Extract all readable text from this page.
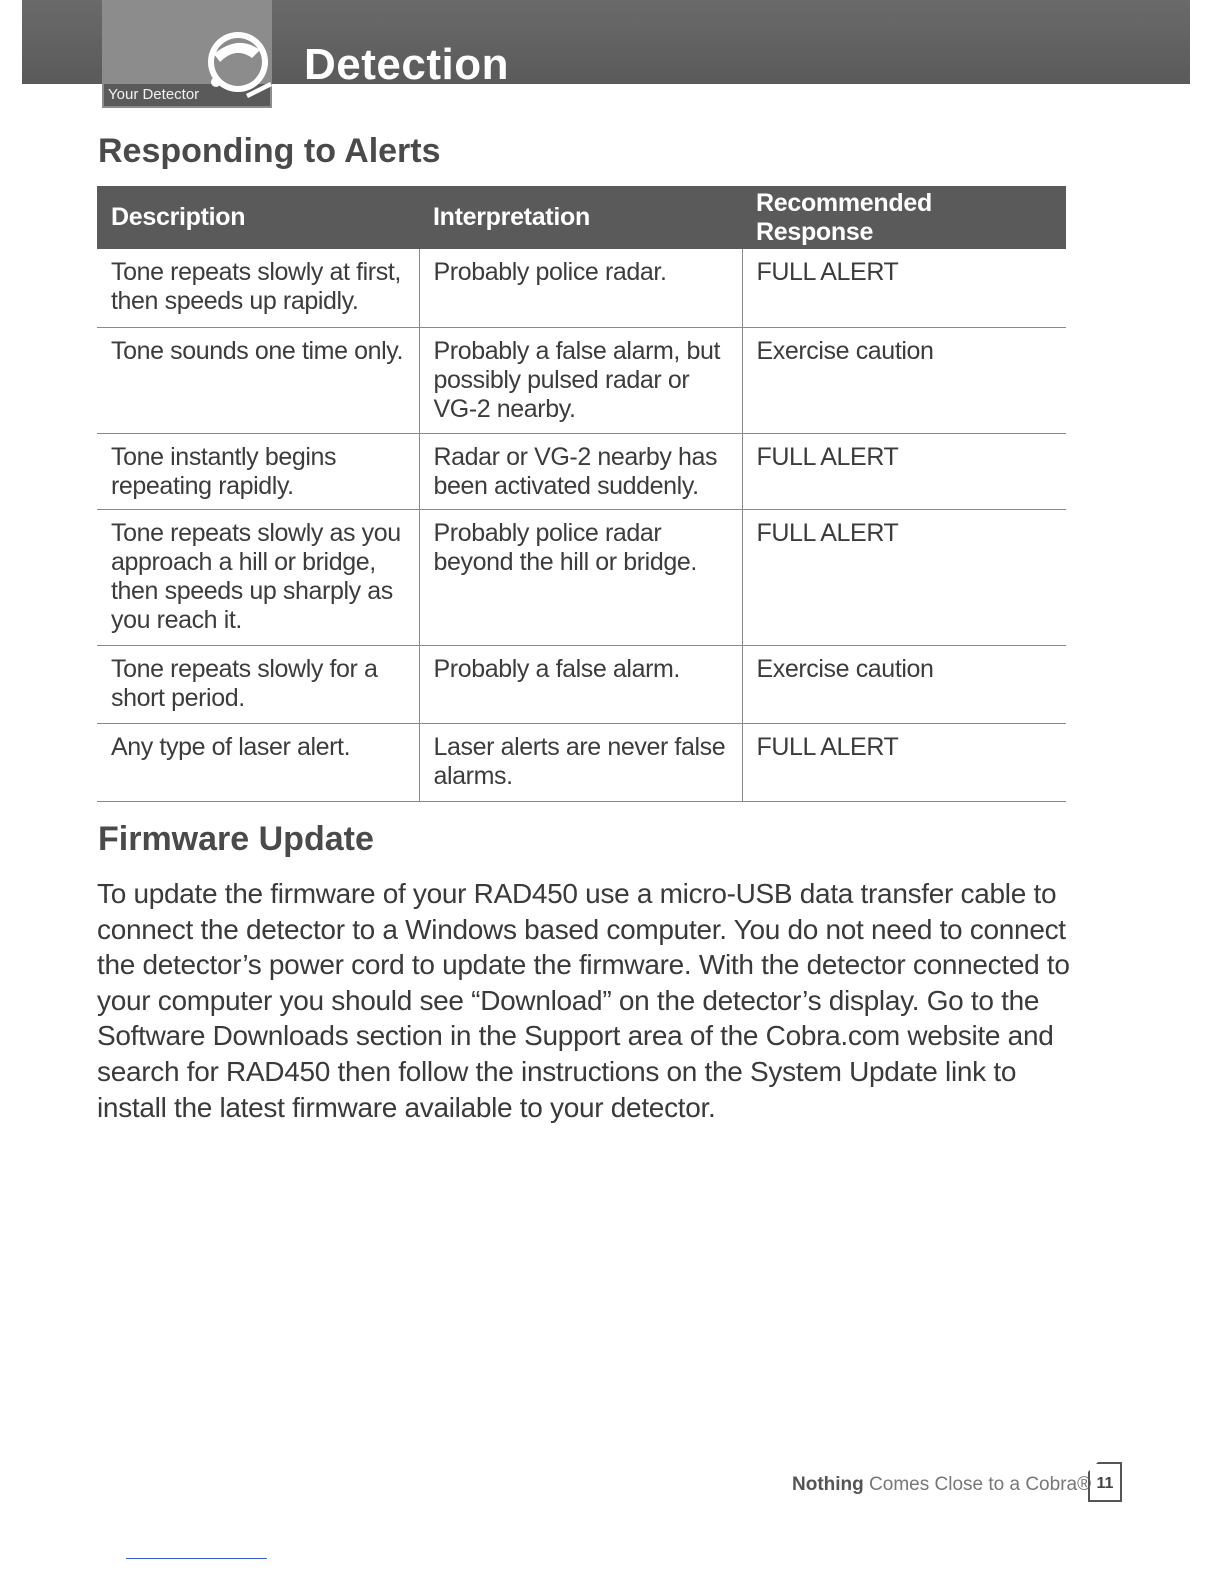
Your Detector
Detection
Responding to Alerts
Description	Interpretation	Recommended Response
Tone repeats slowly at first, then speeds up rapidly.	Probably police radar.	FULL ALERT
Tone sounds one time only.	Probably a false alarm, but possibly pulsed radar or VG-2 nearby.	Exercise caution
Tone instantly begins repeating rapidly.	Radar or VG-2 nearby has been activated suddenly.	FULL ALERT
Tone repeats slowly as you approach a hill or bridge, then speeds up sharply as you reach it.	Probably police radar beyond the hill or bridge.	FULL ALERT
Tone repeats slowly for a short period.	Probably a false alarm.	Exercise caution
Any type of laser alert.	Laser alerts are never false alarms.	FULL ALERT
Firmware Update

To update the firmware of your RAD450 use a micro-USB data transfer cable to connect the detector to a Windows based computer. You do not need to connect the detector’s power cord to update the firmware. With the detector connected to your computer you should see “Download” on the detector’s display. Go to the Software Downloads section in the Support area of the Cobra.com website and search for RAD450 then follow the instructions on the System Update link to install the latest firmware available to your detector.

Nothing Comes Close to a Cobra® 11
